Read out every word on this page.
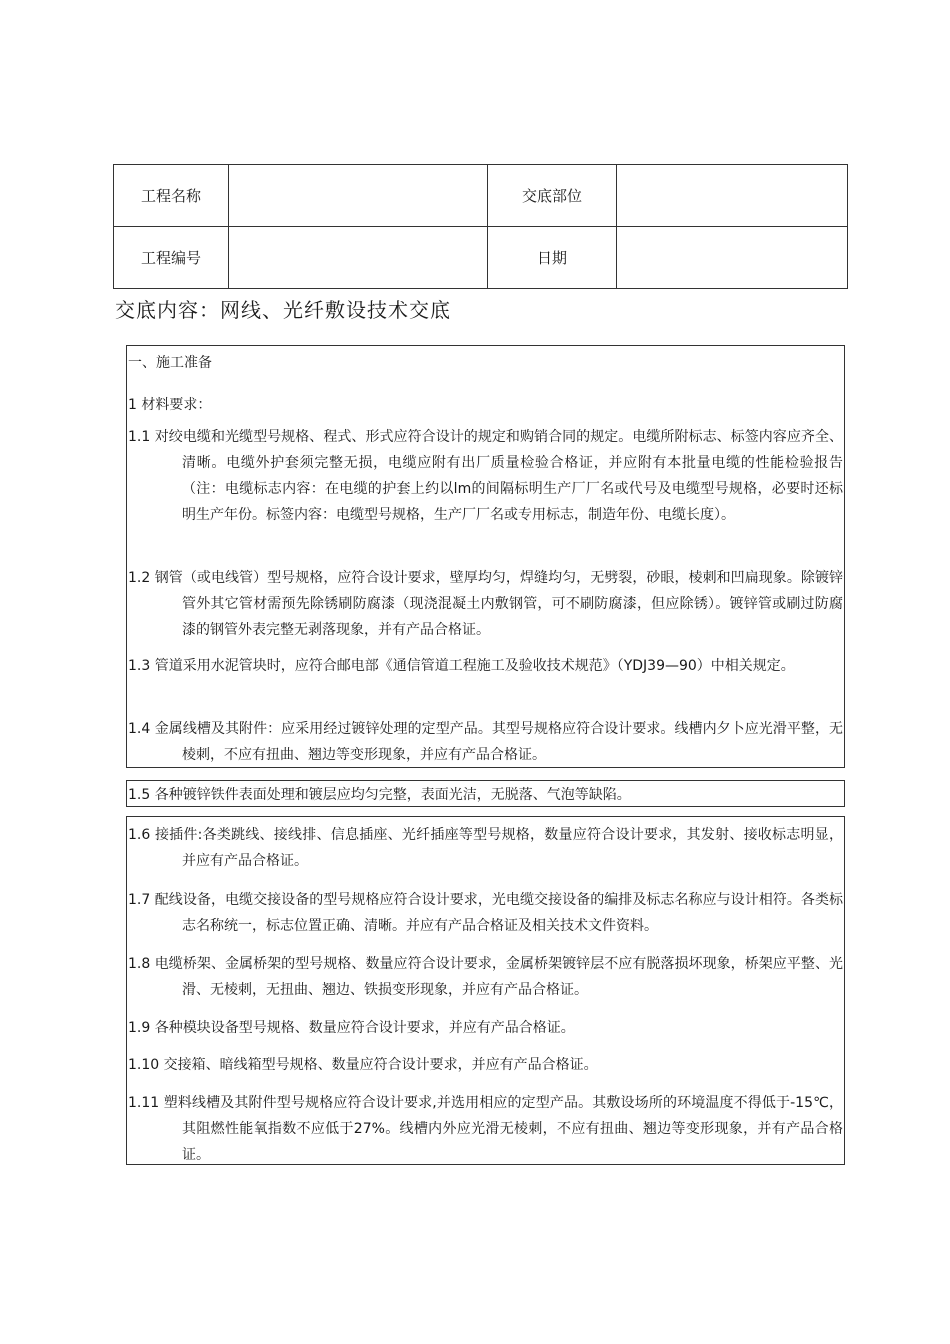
工程名称		交底部位	
工程编号		日期	
交底内容：网线、光纤敷设技术交底
一、施工准备
1 材料要求：
1.1 对绞电缆和光缆型号规格、程式、形式应符合设计的规定和购销合同的规定。电缆所附标志、标签内容应齐全、清晰。电缆外护套须完整无损，电缆应附有出厂质量检验合格证，并应附有本批量电缆的性能检验报告（注：电缆标志内容：在电缆的护套上约以lm的间隔标明生产厂厂名或代号及电缆型号规格，必要时还标明生产年份。标签内容：电缆型号规格，生产厂厂名或专用标志，制造年份、电缆长度）。
1.2 钢管（或电线管）型号规格，应符合设计要求，壁厚均匀，焊缝均匀，无劈裂，砂眼，棱刺和凹扁现象。除镀锌管外其它管材需预先除锈刷防腐漆（现浇混凝土内敷钢管，可不刷防腐漆，但应除锈）。镀锌管或刷过防腐漆的钢管外表完整无剥落现象，并有产品合格证。
1.3 管道采用水泥管块时，应符合邮电部《通信管道工程施工及验收技术规范》（YDJ39—90）中相关规定。
1.4 金属线槽及其附件：应采用经过镀锌处理的定型产品。其型号规格应符合设计要求。线槽内夕卜应光滑平整，无棱刺，不应有扭曲、翘边等变形现象，并应有产品合格证。
1.5 各种镀锌铁件表面处理和镀层应均匀完整，表面光洁，无脱落、气泡等缺陷。
1.6 接插件:各类跳线、接线排、信息插座、光纤插座等型号规格，数量应符合设计要求，其发射、接收标志明显，并应有产品合格证。
1.7 配线设备，电缆交接设备的型号规格应符合设计要求，光电缆交接设备的编排及标志名称应与设计相符。各类标志名称统一，标志位置正确、清晰。并应有产品合格证及相关技术文件资料。
1.8 电缆桥架、金属桥架的型号规格、数量应符合设计要求，金属桥架镀锌层不应有脱落损坏现象，桥架应平整、光滑、无棱刺，无扭曲、翘边、铁损变形现象，并应有产品合格证。
1.9 各种模块设备型号规格、数量应符合设计要求，并应有产品合格证。
1.10 交接箱、暗线箱型号规格、数量应符合设计要求，并应有产品合格证。
1.11 塑料线槽及其附件型号规格应符合设计要求,并选用相应的定型产品。其敷设场所的环境温度不得低于-15℃，其阻燃性能氧指数不应低于27%。线槽内外应光滑无棱刺，不应有扭曲、翘边等变形现象，并有产品合格证。
